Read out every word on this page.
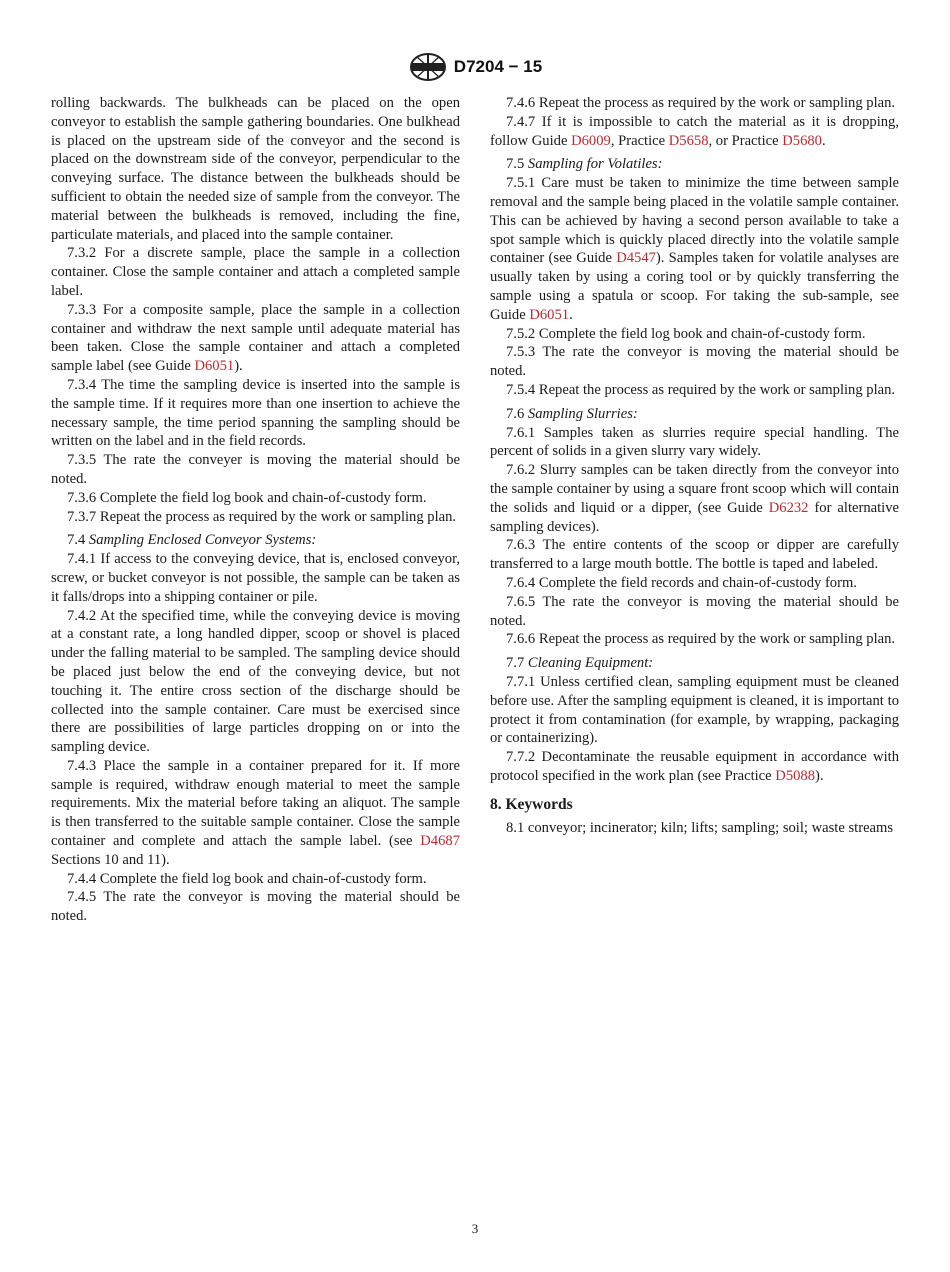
D7204 − 15

rolling backwards. The bulkheads can be placed on the open conveyor to establish the sample gathering boundaries. One bulkhead is placed on the upstream side of the conveyor and the second is placed on the downstream side of the conveyor, perpendicular to the conveying surface. The distance between the bulkheads should be sufficient to obtain the needed size of sample from the conveyor. The material between the bulkheads is removed, including the fine, particulate materials, and placed into the sample container.

7.3.2 For a discrete sample, place the sample in a collection container. Close the sample container and attach a completed sample label.

7.3.3 For a composite sample, place the sample in a collection container and withdraw the next sample until adequate material has been taken. Close the sample container and attach a completed sample label (see Guide D6051).

7.3.4 The time the sampling device is inserted into the sample is the sample time. If it requires more than one insertion to achieve the necessary sample, the time period spanning the sampling should be written on the label and in the field records.

7.3.5 The rate the conveyer is moving the material should be noted.

7.3.6 Complete the field log book and chain-of-custody form.

7.3.7 Repeat the process as required by the work or sampling plan.

7.4 Sampling Enclosed Conveyor Systems:

7.4.1 If access to the conveying device, that is, enclosed conveyor, screw, or bucket conveyor is not possible, the sample can be taken as it falls/drops into a shipping container or pile.

7.4.2 At the specified time, while the conveying device is moving at a constant rate, a long handled dipper, scoop or shovel is placed under the falling material to be sampled. The sampling device should be placed just below the end of the conveying device, but not touching it. The entire cross section of the discharge should be collected into the sample container. Care must be exercised since there are possibilities of large particles dropping on or into the sampling device.

7.4.3 Place the sample in a container prepared for it. If more sample is required, withdraw enough material to meet the sample requirements. Mix the material before taking an aliquot. The sample is then transferred to the suitable sample container. Close the sample container and complete and attach the sample label. (see D4687 Sections 10 and 11).

7.4.4 Complete the field log book and chain-of-custody form.

7.4.5 The rate the conveyor is moving the material should be noted.

7.4.6 Repeat the process as required by the work or sampling plan.

7.4.7 If it is impossible to catch the material as it is dropping, follow Guide D6009, Practice D5658, or Practice D5680.

7.5 Sampling for Volatiles:

7.5.1 Care must be taken to minimize the time between sample removal and the sample being placed in the volatile sample container. This can be achieved by having a second person available to take a spot sample which is quickly placed directly into the volatile sample container (see Guide D4547). Samples taken for volatile analyses are usually taken by using a coring tool or by quickly transferring the sample using a spatula or scoop. For taking the sub-sample, see Guide D6051.

7.5.2 Complete the field log book and chain-of-custody form.

7.5.3 The rate the conveyor is moving the material should be noted.

7.5.4 Repeat the process as required by the work or sampling plan.

7.6 Sampling Slurries:

7.6.1 Samples taken as slurries require special handling. The percent of solids in a given slurry vary widely.

7.6.2 Slurry samples can be taken directly from the conveyor into the sample container by using a square front scoop which will contain the solids and liquid or a dipper, (see Guide D6232 for alternative sampling devices).

7.6.3 The entire contents of the scoop or dipper are carefully transferred to a large mouth bottle. The bottle is taped and labeled.

7.6.4 Complete the field records and chain-of-custody form.

7.6.5 The rate the conveyor is moving the material should be noted.

7.6.6 Repeat the process as required by the work or sampling plan.

7.7 Cleaning Equipment:

7.7.1 Unless certified clean, sampling equipment must be cleaned before use. After the sampling equipment is cleaned, it is important to protect it from contamination (for example, by wrapping, packaging or containerizing).

7.7.2 Decontaminate the reusable equipment in accordance with protocol specified in the work plan (see Practice D5088).

8. Keywords

8.1 conveyor; incinerator; kiln; lifts; sampling; soil; waste streams

3
